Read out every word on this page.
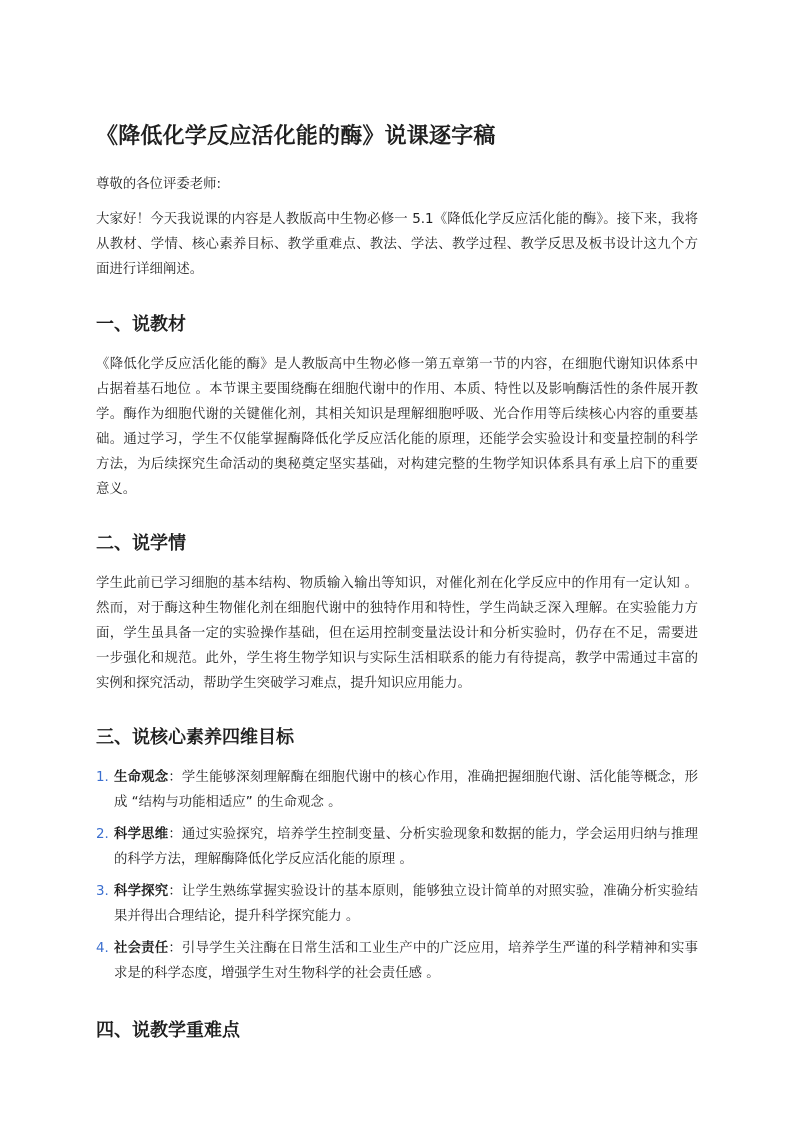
《降低化学反应活化能的酶》说课逐字稿

尊敬的各位评委老师:

大家好！今天我说课的内容是人教版高中生物必修一 5.1《降低化学反应活化能的酶》。接下来，我将从教材、学情、核心素养目标、教学重难点、教法、学法、教学过程、教学反思及板书设计这九个方面进行详细阐述。

一、说教材

《降低化学反应活化能的酶》是人教版高中生物必修一第五章第一节的内容，在细胞代谢知识体系中占据着基石地位 。本节课主要围绕酶在细胞代谢中的作用、本质、特性以及影响酶活性的条件展开教学。酶作为细胞代谢的关键催化剂，其相关知识是理解细胞呼吸、光合作用等后续核心内容的重要基础。通过学习，学生不仅能掌握酶降低化学反应活化能的原理，还能学会实验设计和变量控制的科学方法，为后续探究生命活动的奥秘奠定坚实基础，对构建完整的生物学知识体系具有承上启下的重要意义。

二、说学情

学生此前已学习细胞的基本结构、物质输入输出等知识，对催化剂在化学反应中的作用有一定认知 。然而，对于酶这种生物催化剂在细胞代谢中的独特作用和特性，学生尚缺乏深入理解。在实验能力方面，学生虽具备一定的实验操作基础，但在运用控制变量法设计和分析实验时，仍存在不足，需要进一步强化和规范。此外，学生将生物学知识与实际生活相联系的能力有待提高，教学中需通过丰富的实例和探究活动，帮助学生突破学习难点，提升知识应用能力。

三、说核心素养四维目标
1. 生命观念：学生能够深刻理解酶在细胞代谢中的核心作用，准确把握细胞代谢、活化能等概念，形成 “结构与功能相适应” 的生命观念 。
2. 科学思维：通过实验探究，培养学生控制变量、分析实验现象和数据的能力，学会运用归纳与推理的科学方法，理解酶降低化学反应活化能的原理 。
3. 科学探究：让学生熟练掌握实验设计的基本原则，能够独立设计简单的对照实验，准确分析实验结果并得出合理结论，提升科学探究能力 。
4. 社会责任：引导学生关注酶在日常生活和工业生产中的广泛应用，培养学生严谨的科学精神和实事求是的科学态度，增强学生对生物科学的社会责任感 。
四、说教学重难点
